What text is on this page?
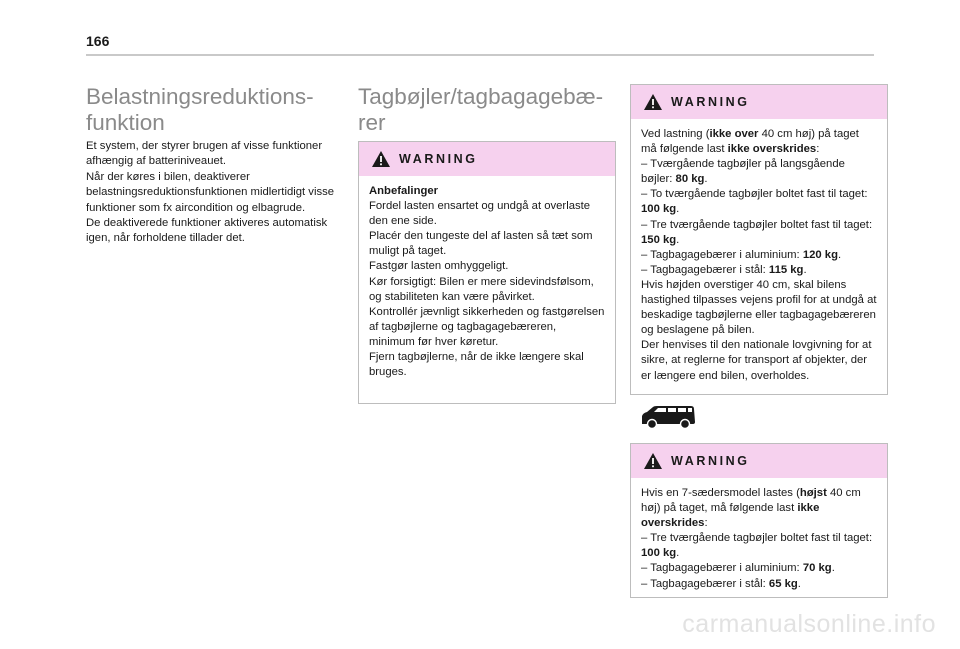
166
Belastningsreduktions-
funktion

Et system, der styrer brugen af visse funktioner afhængig af batteriniveauet.

Når der køres i bilen, deaktiverer belastningsreduktionsfunktionen midlertidigt visse funktioner som fx aircondition og elbagrude.

De deaktiverede funktioner aktiveres automatisk igen, når forholdene tillader det.

Tagbøjler/tagbagagebæ-
rer
WARNING

Anbefalinger

Fordel lasten ensartet og undgå at overlaste den ene side.

Placér den tungeste del af lasten så tæt som muligt på taget.

Fastgør lasten omhyggeligt.

Kør forsigtigt: Bilen er mere sidevindsfølsom, og stabiliteten kan være påvirket.

Kontrollér jævnligt sikkerheden og fastgørelsen af tagbøjlerne og tagbagagebæreren, minimum før hver køretur.

Fjern tagbøjlerne, når de ikke længere skal bruges.

WARNING

Ved lastning (ikke over 40 cm høj) på taget må følgende last ikke overskrides:

– Tværgående tagbøjler på langsgående bøjler: 80 kg.

– To tværgående tagbøjler boltet fast til taget: 100 kg.

– Tre tværgående tagbøjler boltet fast til taget: 150 kg.

– Tagbagagebærer i aluminium: 120 kg.

– Tagbagagebærer i stål: 115 kg.

Hvis højden overstiger 40 cm, skal bilens hastighed tilpasses vejens profil for at undgå at beskadige tagbøjlerne eller tagbagagebæreren og beslagene på bilen.

Der henvises til den nationale lovgivning for at sikre, at reglerne for transport af objekter, der er længere end bilen, overholdes.

WARNING

Hvis en 7-sædersmodel lastes (højst 40 cm høj) på taget, må følgende last ikke overskrides:

– Tre tværgående tagbøjler boltet fast til taget: 100 kg.

– Tagbagagebærer i aluminium: 70 kg.

– Tagbagagebærer i stål: 65 kg.

carmanualsonline.info
